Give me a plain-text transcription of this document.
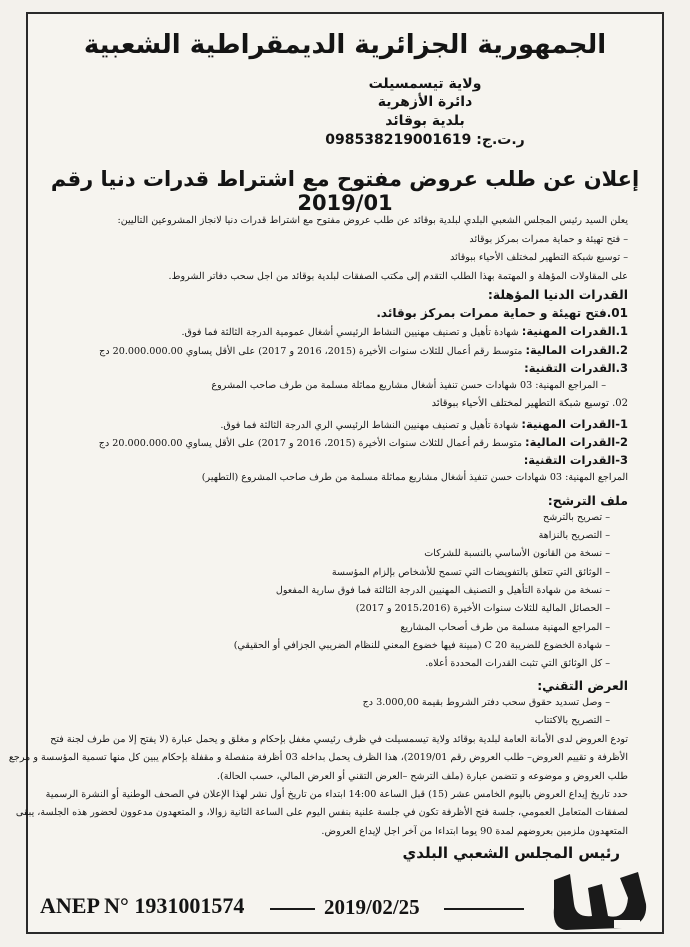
الجمهورية الجزائرية الديمقراطية الشعبية
ولاية تيسمسيلت
دائرة الأزهرية
بلدية بوقائد
ر.ت.ج: 098538219001619
إعلان عن طلب عروض مفتوح مع اشتراط قدرات دنيا رقم 2019/01
يعلن السيد رئيس المجلس الشعبي البلدي لبلدية بوقائد عن طلب عروض مفتوح مع اشتراط قدرات دنيا لانجاز المشروعين التاليين:
– فتح تهيئة و حماية ممرات بمركز بوقائد
– توسيع شبكة التطهير لمختلف الأحياء ببوقائد
على المقاولات المؤهلة و المهتمة بهذا الطلب التقدم إلى مكتب الصفقات لبلدية بوقائد من اجل سحب دفاتر الشروط.
القدرات الدنيا المؤهلة:
01.فتح تهيئة و حماية ممرات بمركز بوقائد.
1.القدرات المهنية: شهادة تأهيل و تصنيف مهنيين النشاط الرئيسي أشغال عمومية الدرجة الثالثة فما فوق.
2.القدرات المالية: متوسط رقم أعمال للثلاث سنوات الأخيرة (2015، 2016 و 2017) على الأقل يساوي 20.000.000.00 دج
3.القدرات التقنية:
– المراجع المهنية: 03 شهادات حسن تنفيذ أشغال مشاريع مماثلة مسلمة من طرف صاحب المشروع
02. توسيع شبكة التطهير لمختلف الأحياء ببوقائد
1-القدرات المهنية: شهادة تأهيل و تصنيف مهنيين النشاط الرئيسي الري الدرجة الثالثة فما فوق.
2-القدرات المالية: متوسط رقم أعمال للثلاث سنوات الأخيرة (2015، 2016 و 2017) على الأقل يساوي 20.000.000.00 دج
3-القدرات التقنية:
المراجع المهنية: 03 شهادات حسن تنفيذ أشغال مشاريع مماثلة مسلمة من طرف صاحب المشروع (التطهير)
ملف الترشح:
– تصريح بالترشح
– التصريح بالنزاهة
– نسخة من القانون الأساسي بالنسبة للشركات
– الوثائق التي تتعلق بالتفويضات التي تسمح للأشخاص بإلزام المؤسسة
– نسخة من شهادة التأهيل و التصنيف المهنيين الدرجة الثالثة فما فوق سارية المفعول
– الحصائل المالية للثلاث سنوات الأخيرة (2015،2016 و 2017)
– المراجع المهنية مسلمة من طرف أصحاب المشاريع
– شهادة الخضوع للضريبة C 20 (مبينة فيها خضوع المعني للنظام الضريبي الجزافي أو الحقيقي)
– كل الوثائق التي تثبت القدرات المحددة أعلاه.
العرض التقني:
– وصل تسديد حقوق سحب دفتر الشروط بقيمة 3.000,00 دج
– التصريح بالاكتتاب
تودع العروض لدى الأمانة العامة لبلدية بوقائد ولاية تيسمسيلت في ظرف رئيسي مغفل بإحكام و مغلق و يحمل عبارة (لا يفتح إلا من طرف لجنة فتح
الأظرفة و تقييم العروض– طلب العروض رقم 2019/01)، هذا الظرف يحمل بداخله 03 أظرفة منفصلة و مقفلة بإحكام يبين كل منها تسمية المؤسسة و مرجع
طلب العروض و موضوعه و تتضمن عبارة (ملف الترشح –العرض التقني أو العرض المالي، حسب الحالة).
حدد تاريخ إيداع العروض باليوم الخامس عشر (15) قبل الساعة 14:00 ابتداء من تاريخ أول نشر لهذا الإعلان في الصحف الوطنية أو النشرة الرسمية
لصفقات المتعامل العمومي، جلسة فتح الأظرفة تكون في جلسة علنية بنفس اليوم على الساعة الثانية زوالا، و المتعهدون مدعوون لحضور هذه الجلسة، يبقى
المتعهدون ملزمين بعروضهم لمدة 90 يوما ابتداءا من آخر اجل لإيداع العروض.
رئيس المجلس الشعبي البلدي
ANEP N° 1931001574	2019/02/25
